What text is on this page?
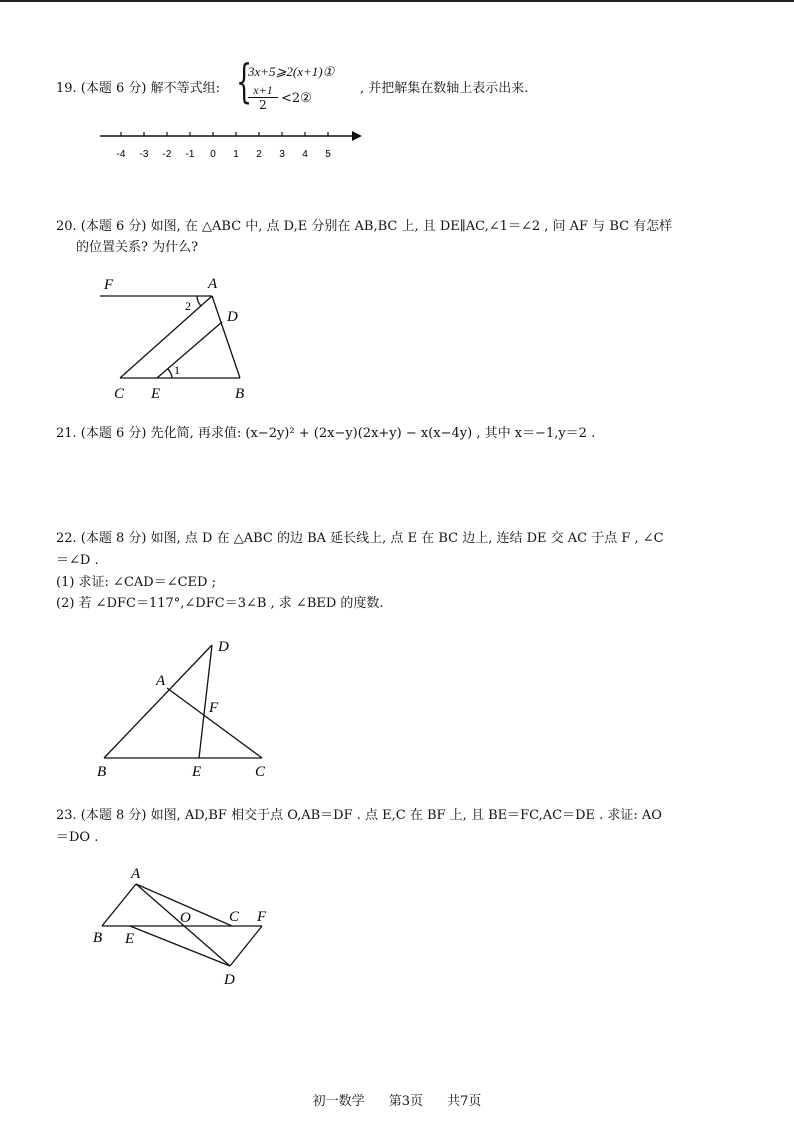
19. (本题 6 分) 解不等式组: {
3x+5⩾2(x+1)①
$\frac{x+1}{2}$ <2②
, 并把解集在数轴上表示出来.
-4 -3 -2 -1 0 1 2 3 4 5
20. (本题 6 分) 如图, 在 △ABC 中, 点 D,E 分别在 AB,BC 上, 且 DE∥AC,∠1＝∠2 , 问 AF 与 BC 有怎样
的位置关系? 为什么?
F	A
D
C E	B
1
2
21. (本题 6 分) 先化简, 再求值: (x−2y)² + (2x−y)(2x+y) − x(x−4y) , 其中 x＝−1,y＝2 .
22. (本题 8 分) 如图, 点 D 在 △ABC 的边 BA 延长线上, 点 E 在 BC 边上, 连结 DE 交 AC 于点 F , ∠C
＝∠D .
(1) 求证: ∠CAD＝∠CED ;
(2) 若 ∠DFC＝117°,∠DFC＝3∠B , 求 ∠BED 的度数.
D
A
F
B	E	C
23. (本题 8 分) 如图, AD,BF 相交于点 O,AB＝DF . 点 E,C 在 BF 上, 且 BE＝FC,AC＝DE . 求证: AO
＝DO .
A
O	C F
B E
D
初一数学 第3页 共7页
